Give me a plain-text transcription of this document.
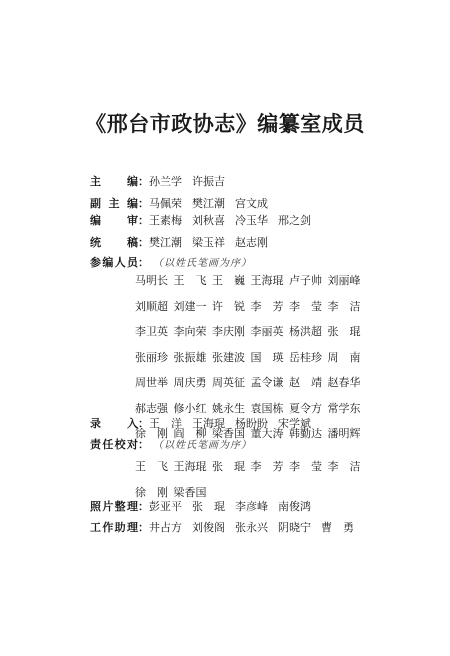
《邢台市政协志》编纂室成员
主　编：孙兰学 许振吉
副主编：马佩荣 樊江潮 宫文成
编　审：王素梅 刘秋喜 冷玉华 邢之剑
统　稿：樊江潮 梁玉祥 赵志刚
参编人员： （以姓氏笔画为序）
马明长 王　飞 王　巍 王海琨 卢子帅 刘丽峰
刘顺超 刘建一 许　锐 李　芳 李　莹 李　洁
李卫英 李向荣 李庆刚 李丽英 杨洪超 张　琨
张丽珍 张振雄 张建波 国　瑛 岳桂珍 周　南
周世举 周庆勇 周英征 孟令谦 赵　靖 赵春华
郝志强 修小红 姚永生 袁国栋 夏令方 常学东
徐　刚 阎　柳 梁香国 董大涛 韩勤达 潘明辉
录　入：王　洋 王海琨 杨盼盼 宋学斌
责任校对： （以姓氏笔画为序）
王　飞 王海琨 张　琨 李　芳 李　莹 李　洁
徐　刚 梁香国
照片整理：彭亚平 张　琨 李彦峰 南俊鸿
工作助理：井占方 刘俊阁 张永兴 阴晓宁 曹　勇
